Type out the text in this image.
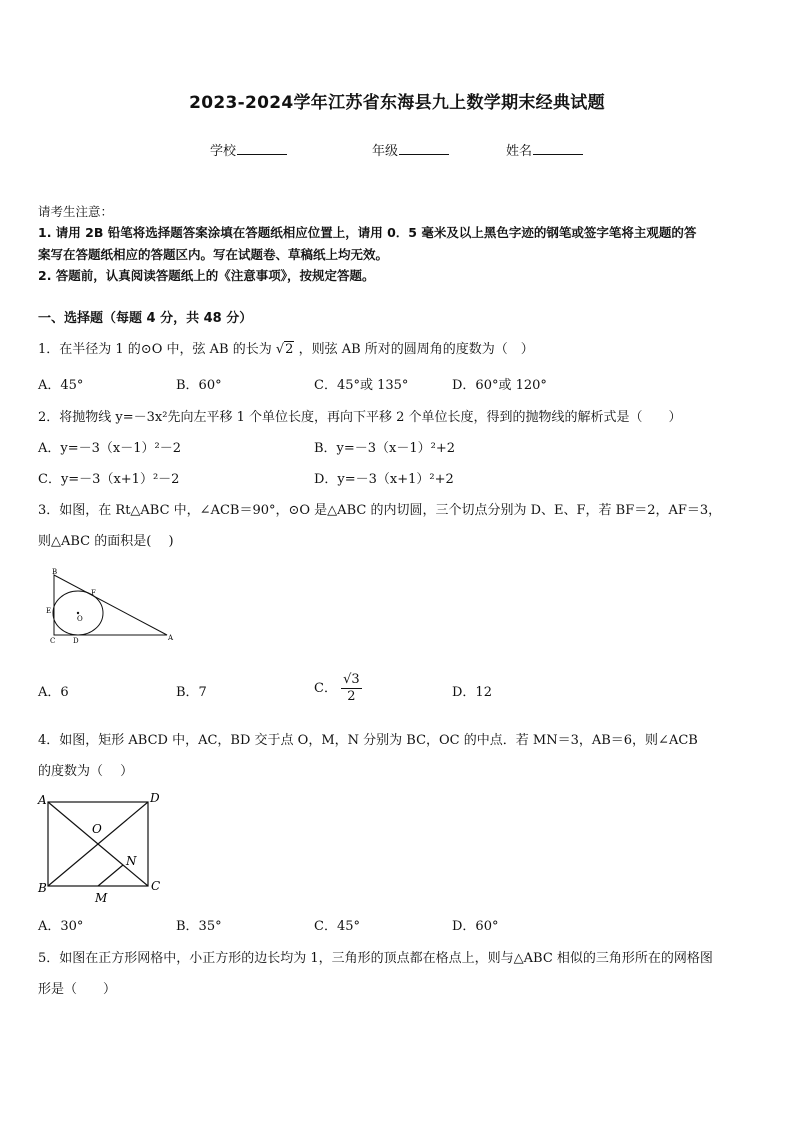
2023-2024学年江苏省东海县九上数学期末经典试题
学校	年级	姓名
请考生注意：
1. 请用 2B 铅笔将选择题答案涂填在答题纸相应位置上，请用 0．5 毫米及以上黑色字迹的钢笔或签字笔将主观题的答
案写在答题纸相应的答题区内。写在试题卷、草稿纸上均无效。
2. 答题前，认真阅读答题纸上的《注意事项》，按规定答题。
一、选择题（每题 4 分，共 48 分）
1．在半径为 1 的⊙O 中，弦 AB 的长为 √2 ，则弦 AB 所对的圆周角的度数为（　）
A．45°	B．60°	C．45°或 135°	D．60°或 120°
2．将抛物线 y=－3x²先向左平移 1 个单位长度，再向下平移 2 个单位长度，得到的抛物线的解析式是（　　）
A．y=－3（x－1）²－2	B．y=－3（x－1）²+2
C．y=－3（x+1）²－2	D．y=－3（x+1）²+2
3．如图，在 Rt△ABC 中，∠ACB＝90°，⊙O 是△ABC 的内切圆，三个切点分别为 D、E、F，若 BF＝2，AF＝3，
则△ABC 的面积是(　 )
B
F
E
O
C	D	A
A．6	B．7	C． $\frac{√3}{2}$	D．12
4．如图，矩形 ABCD 中，AC，BD 交于点 O，M，N 分别为 BC，OC 的中点．若 MN＝3，AB＝6，则∠ACB
的度数为（　 ）
A	D
O
N
B
M
C
A．30°	B．35°	C．45°	D．60°
5．如图在正方形网格中，小正方形的边长均为 1，三角形的顶点都在格点上，则与△ABC 相似的三角形所在的网格图
形是（　　）
